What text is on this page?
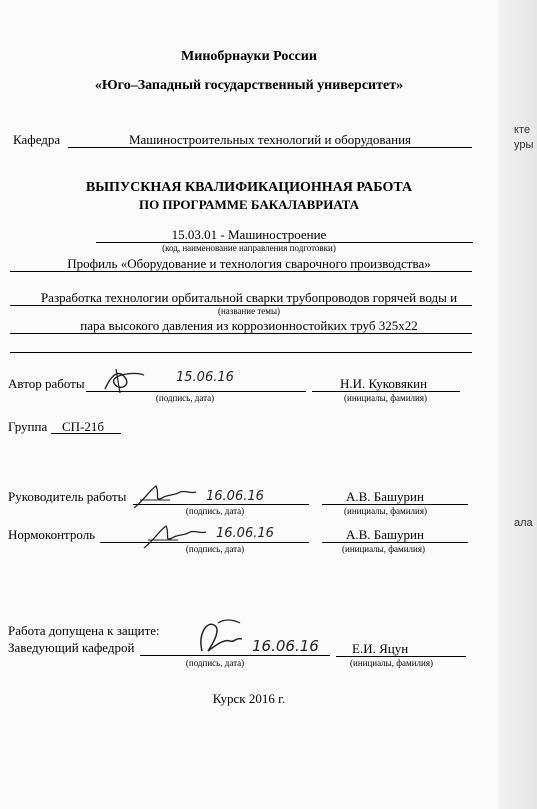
ктe
уры
ала
Минобрнауки России
«Юго–Западный государственный университет»
Кафедра	Машиностроительных технологий и оборудования
ВЫПУСКНАЯ КВАЛИФИКАЦИОННАЯ РАБОТА
ПО ПРОГРАММЕ БАКАЛАВРИАТА
15.03.01 - Машиностроение
(код, наименование направления подготовки)
Профиль «Оборудование и технология сварочного производства»
Разработка технологии орбитальной сварки трубопроводов горячей воды и
(название темы)
пара высокого давления из коррозионностойких труб 325х22
Автор работы	15.06.16
(подпись, дата)
Н.И. Куковякин
(инициалы, фамилия)
Группа СП-21б
Руководитель работы	16.06.16
(подпись, дата)
А.В. Башурин
(инициалы, фамилия)
Нормоконтроль	16.06.16
(подпись, дата)
А.В. Башурин
(инициалы, фамилия)
Работа допущена к защите:
Заведующий кафедрой	16.06.16
(подпись, дата)
Е.И. Яцун
(инициалы, фамилия)
Курск 2016 г.
